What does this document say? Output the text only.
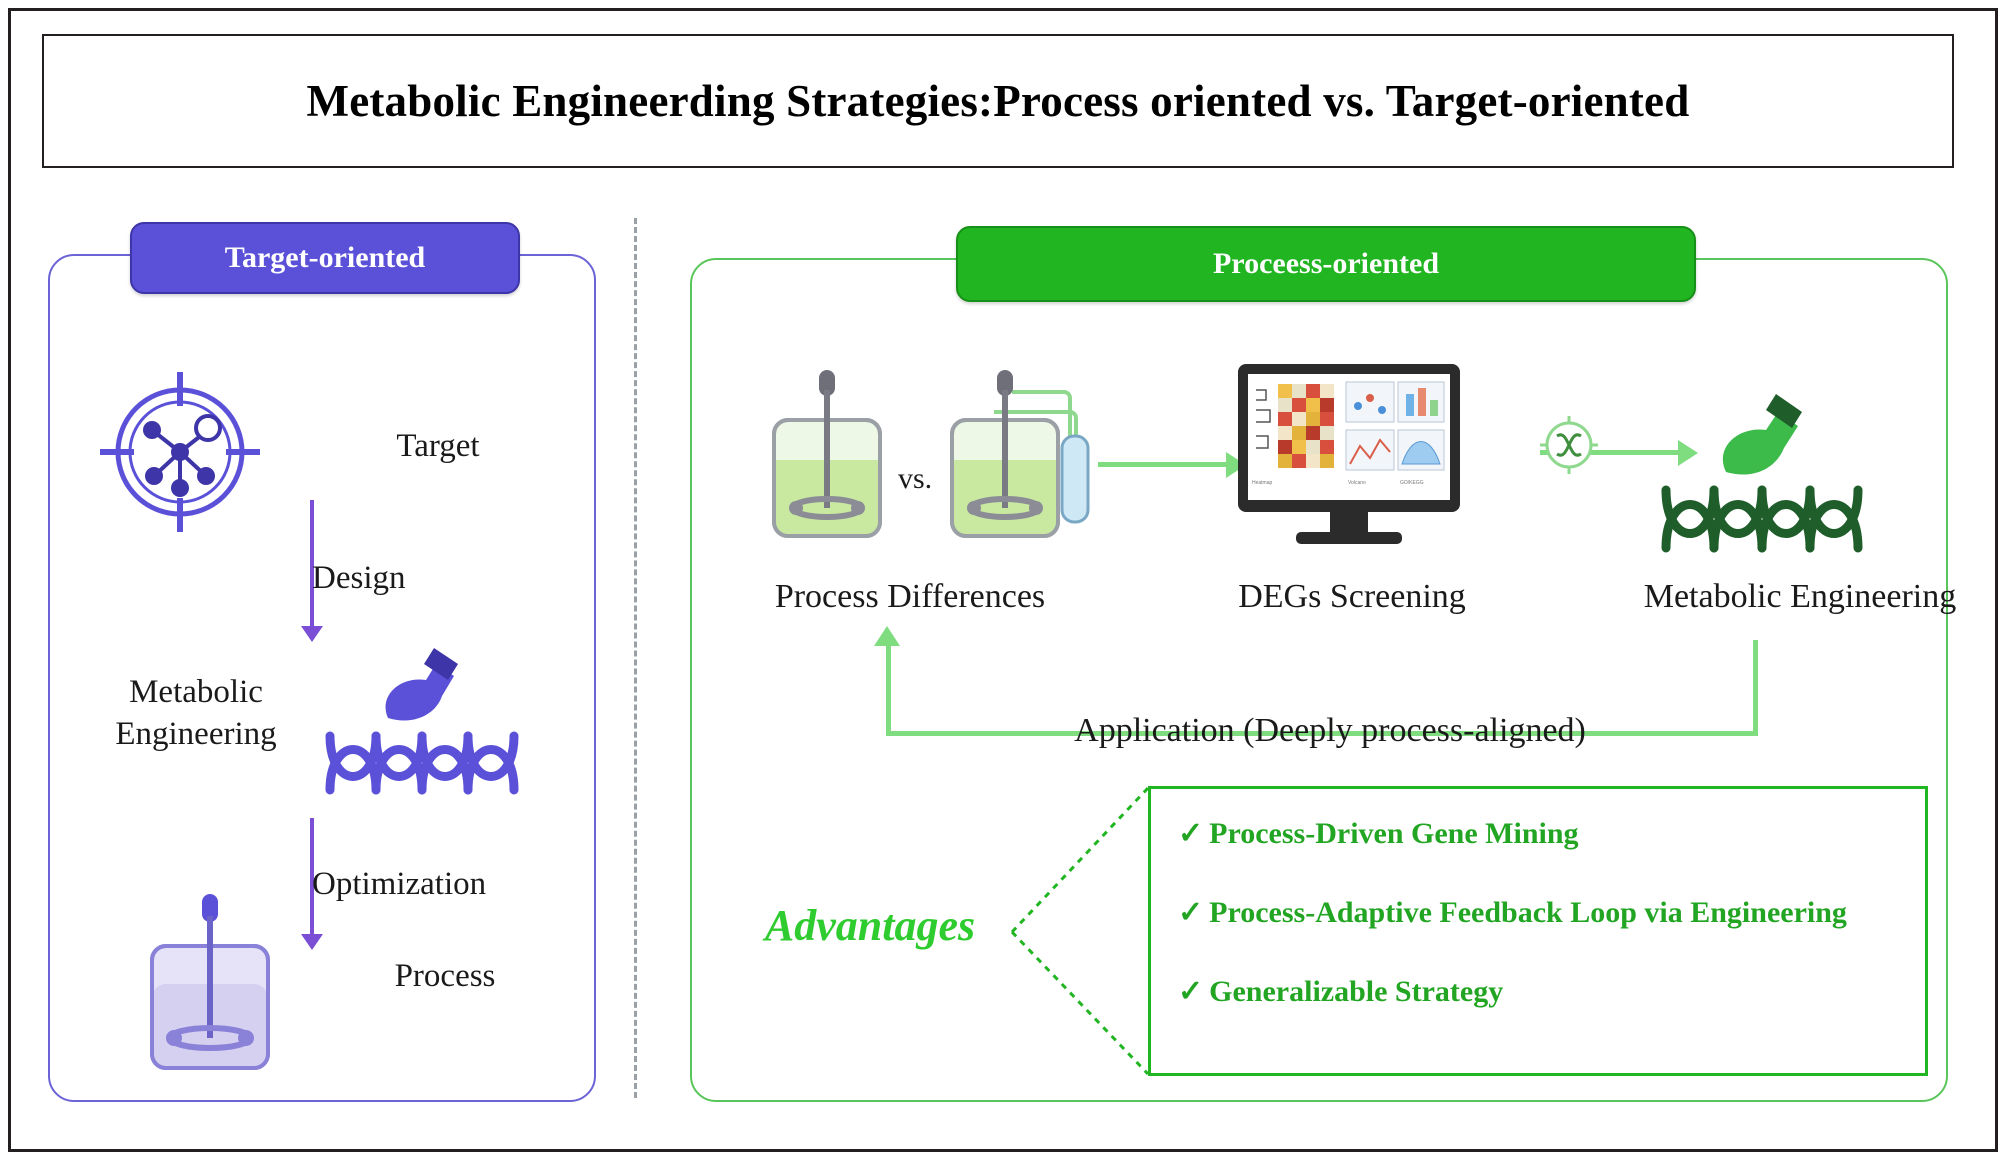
Metabolic Engineerding Strategies:Process oriented vs. Target-oriented
Target-oriented
Target
Design
Metabolic
Engineering
Optimization
Process
Proceess-oriented
vs.
Process Differences
Heatmap	Volcano	GO/KEGG
DEGs Screening	Metabolic Engineering
Application (Deeply process-aligned)
Advantages
✓ Process-Driven Gene Mining
✓ Process-Adaptive Feedback Loop via Engineering
✓ Generalizable Strategy
